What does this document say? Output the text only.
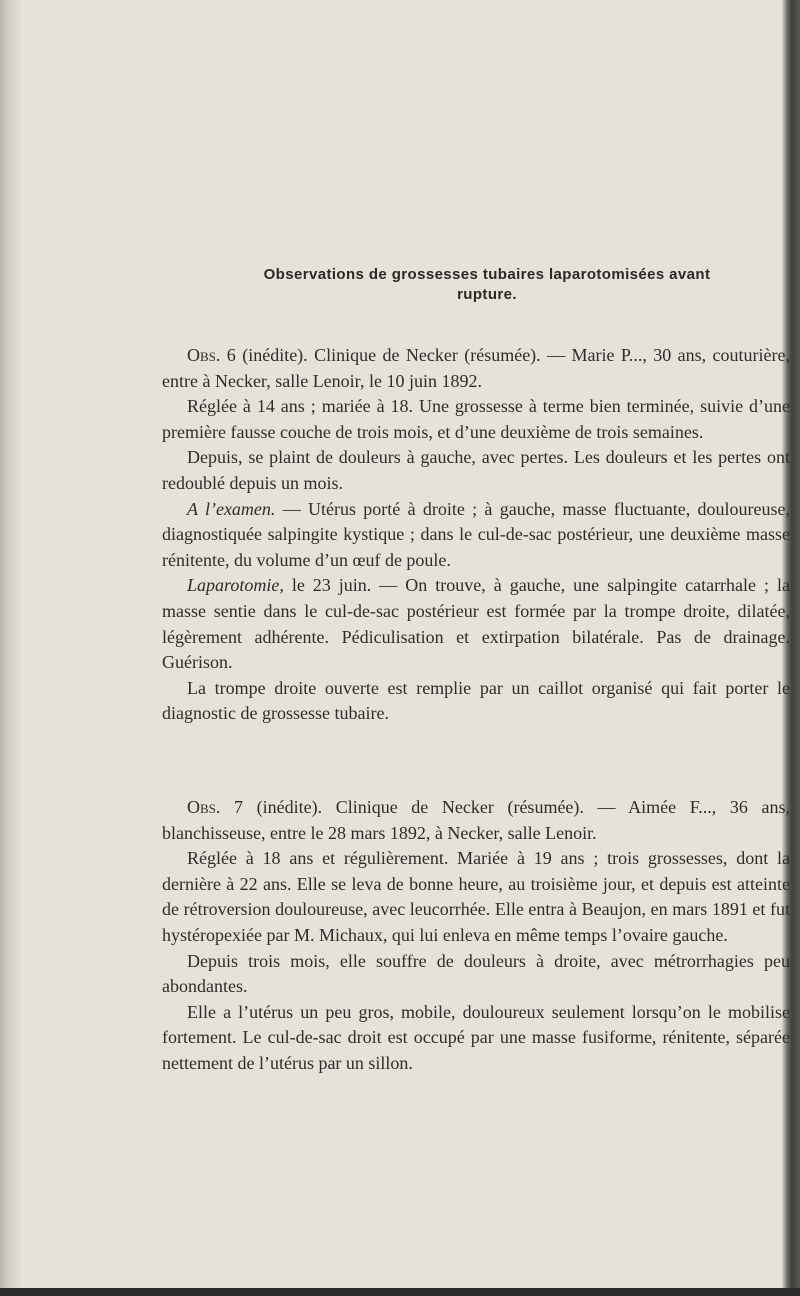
Observations de grossesses tubaires laparotomisées avant
rupture.

Obs. 6 (inédite). Clinique de Necker (résumée). — Marie P..., 30 ans, couturière, entre à Necker, salle Lenoir, le 10 juin 1892.

Réglée à 14 ans ; mariée à 18. Une grossesse à terme bien terminée, suivie d’une première fausse couche de trois mois, et d’une deuxième de trois semaines.

Depuis, se plaint de douleurs à gauche, avec pertes. Les douleurs et les pertes ont redoublé depuis un mois.

A l’examen. — Utérus porté à droite ; à gauche, masse fluctuante, douloureuse, diagnostiquée salpingite kystique ; dans le cul-de-sac postérieur, une deuxième masse rénitente, du volume d’un œuf de poule.

Laparotomie, le 23 juin. — On trouve, à gauche, une salpingite catarrhale ; la masse sentie dans le cul-de-sac postérieur est formée par la trompe droite, dilatée, légèrement adhérente. Pédiculisation et extirpation bilatérale. Pas de drainage. Guérison.

La trompe droite ouverte est remplie par un caillot organisé qui fait porter le diagnostic de grossesse tubaire.

Obs. 7 (inédite). Clinique de Necker (résumée). — Aimée F..., 36 ans, blanchisseuse, entre le 28 mars 1892, à Necker, salle Lenoir.

Réglée à 18 ans et régulièrement. Mariée à 19 ans ; trois grossesses, dont la dernière à 22 ans. Elle se leva de bonne heure, au troisième jour, et depuis est atteinte de rétroversion douloureuse, avec leucorrhée. Elle entra à Beaujon, en mars 1891 et fut hystéropexiée par M. Michaux, qui lui enleva en même temps l’ovaire gauche.

Depuis trois mois, elle souffre de douleurs à droite, avec métrorrhagies peu abondantes.

Elle a l’utérus un peu gros, mobile, douloureux seulement lorsqu’on le mobilise fortement. Le cul-de-sac droit est occupé par une masse fusiforme, rénitente, séparée nettement de l’utérus par un sillon.
